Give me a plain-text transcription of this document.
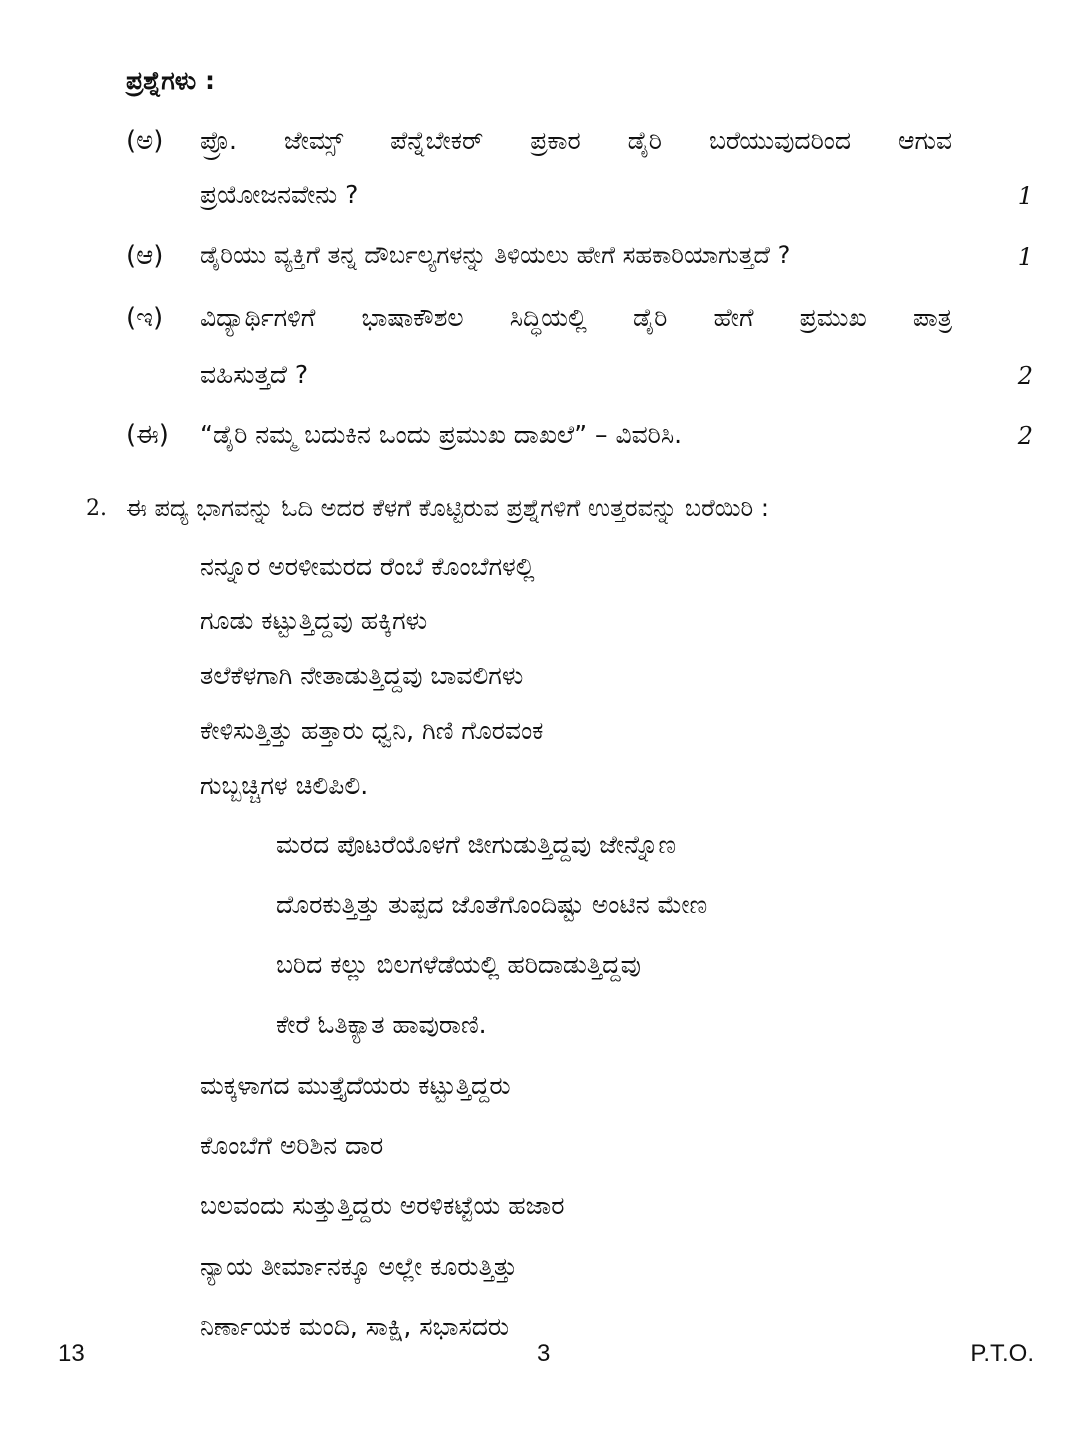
ಪ್ರಶ್ನೆಗಳು :
(ಅ) ಪ್ರೊ. ಜೇಮ್ಸ್ ಪೆನ್ನೆಬೇಕರ್ ಪ್ರಕಾರ ಡೈರಿ ಬರೆಯುವುದರಿಂದ ಆಗುವ
ಪ್ರಯೋಜನವೇನು ?	1
(ಆ) ಡೈರಿಯು ವ್ಯಕ್ತಿಗೆ ತನ್ನ ದೌರ್ಬಲ್ಯಗಳನ್ನು ತಿಳಿಯಲು ಹೇಗೆ ಸಹಕಾರಿಯಾಗುತ್ತದೆ ?	1
(ಇ) ವಿದ್ಯಾರ್ಥಿಗಳಿಗೆ ಭಾಷಾಕೌಶಲ ಸಿದ್ಧಿಯಲ್ಲಿ ಡೈರಿ ಹೇಗೆ ಪ್ರಮುಖ ಪಾತ್ರ
ವಹಿಸುತ್ತದೆ ?	2
(ಈ) “ಡೈರಿ ನಮ್ಮ ಬದುಕಿನ ಒಂದು ಪ್ರಮುಖ ದಾಖಲೆ” – ವಿವರಿಸಿ.	2
2. ಈ ಪದ್ಯ ಭಾಗವನ್ನು ಓದಿ ಅದರ ಕೆಳಗೆ ಕೊಟ್ಟಿರುವ ಪ್ರಶ್ನೆಗಳಿಗೆ ಉತ್ತರವನ್ನು ಬರೆಯಿರಿ :
ನನ್ನೂರ ಅರಳೀಮರದ ರೆಂಬೆ ಕೊಂಬೆಗಳಲ್ಲಿ
ಗೂಡು ಕಟ್ಟುತ್ತಿದ್ದವು ಹಕ್ಕಿಗಳು
ತಲೆಕೆಳಗಾಗಿ ನೇತಾಡುತ್ತಿದ್ದವು ಬಾವಲಿಗಳು
ಕೇಳಿಸುತ್ತಿತ್ತು ಹತ್ತಾರು ಧ್ವನಿ, ಗಿಣಿ ಗೊರವಂಕ
ಗುಬ್ಬಚ್ಚಿಗಳ ಚಿಲಿಪಿಲಿ.
ಮರದ ಪೊಟರೆಯೊಳಗೆ ಜೀಗುಡುತ್ತಿದ್ದವು ಜೇನ್ನೊಣ
ದೊರಕುತ್ತಿತ್ತು ತುಪ್ಪದ ಜೊತೆಗೊಂದಿಷ್ಟು ಅಂಟಿನ ಮೇಣ
ಬರಿದ ಕಲ್ಲು ಬಿಲಗಳೆಡೆಯಲ್ಲಿ ಹರಿದಾಡುತ್ತಿದ್ದವು
ಕೇರೆ ಓತಿಕ್ಯಾತ ಹಾವುರಾಣಿ.
ಮಕ್ಕಳಾಗದ ಮುತ್ತೈದೆಯರು ಕಟ್ಟುತ್ತಿದ್ದರು
ಕೊಂಬೆಗೆ ಅರಿಶಿನ ದಾರ
ಬಲವಂದು ಸುತ್ತುತ್ತಿದ್ದರು ಅರಳಿಕಟ್ಟೆಯ ಹಜಾರ
ನ್ಯಾಯ ತೀರ್ಮಾನಕ್ಕೂ ಅಲ್ಲೇ ಕೂರುತ್ತಿತ್ತು
ನಿರ್ಣಾಯಕ ಮಂದಿ, ಸಾಕ್ಷಿ, ಸಭಾಸದರು
13	3	P.T.O.
